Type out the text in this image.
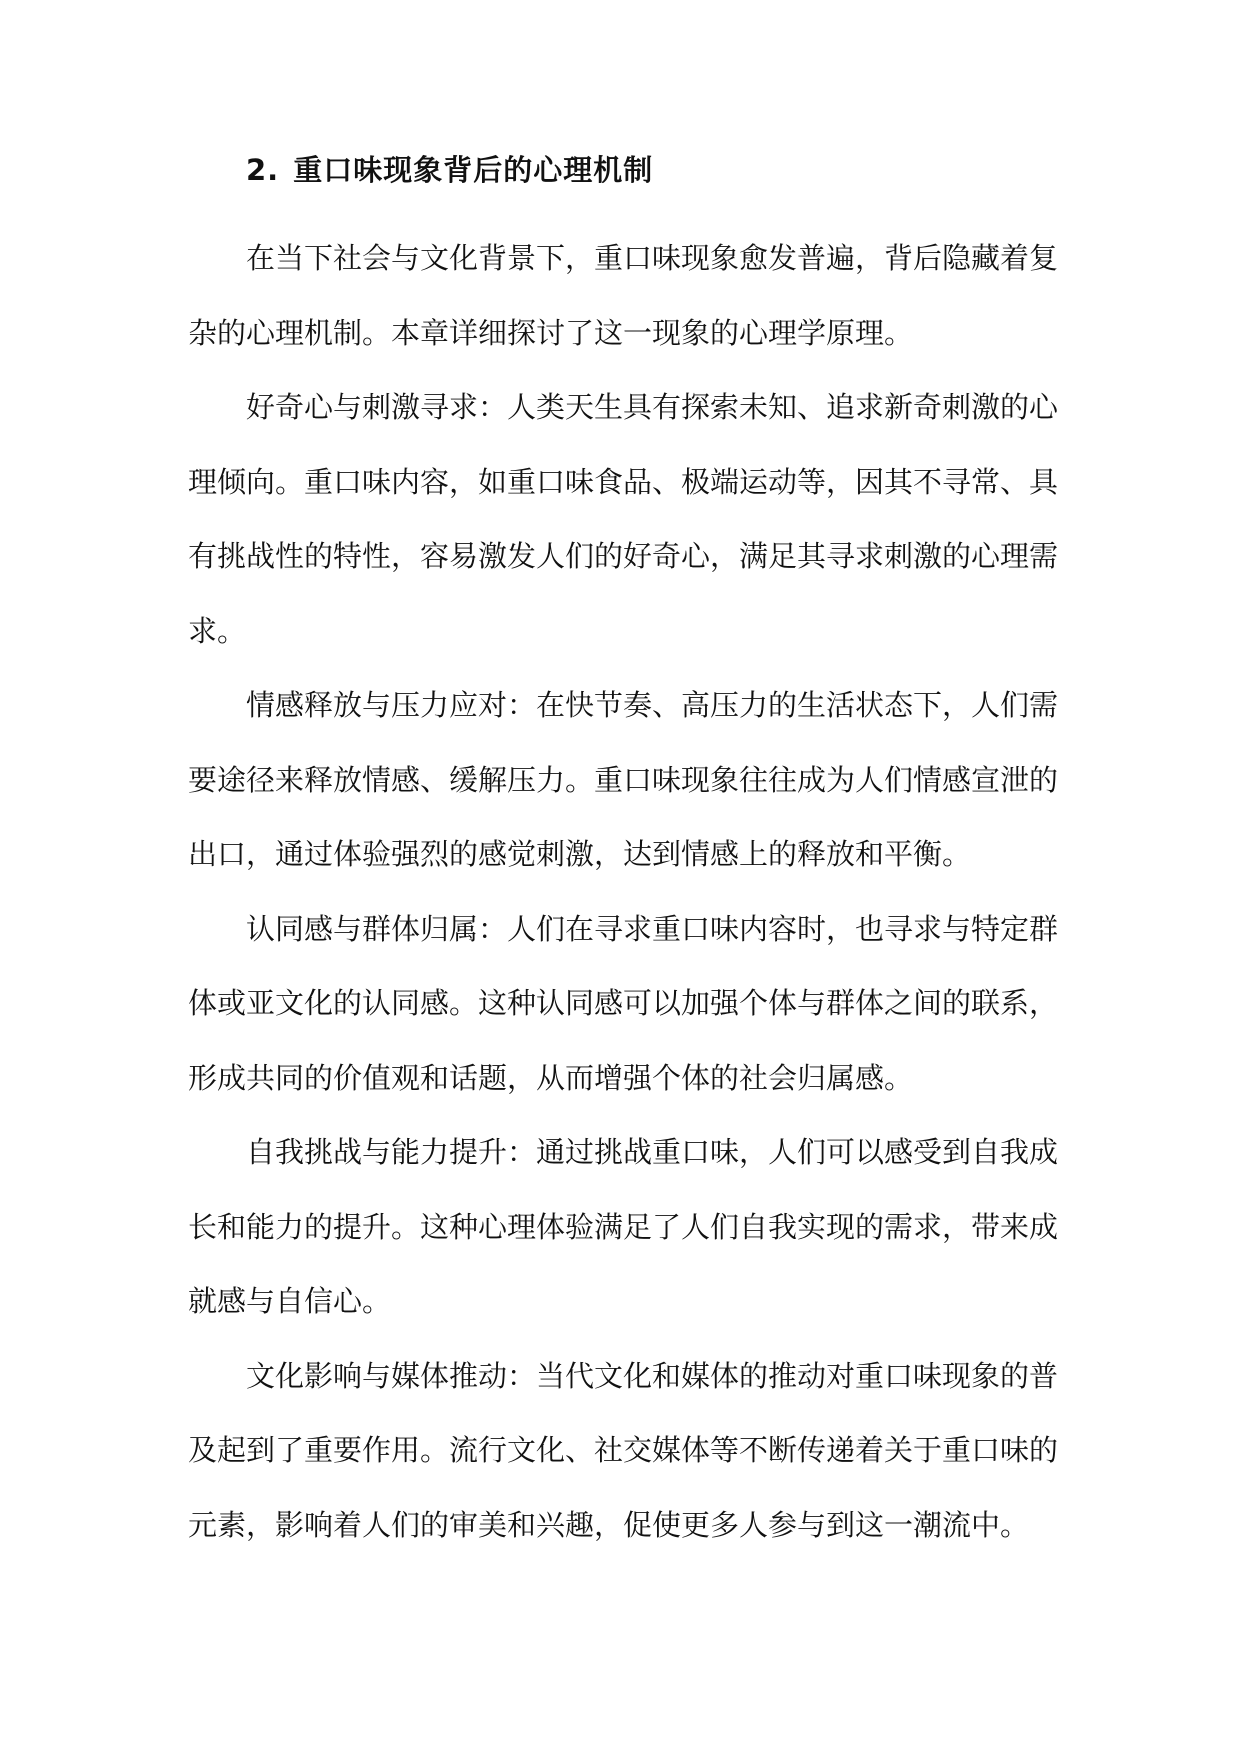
2. 重口味现象背后的心理机制

在当下社会与文化背景下，重口味现象愈发普遍，背后隐藏着复
杂的心理机制。本章详细探讨了这一现象的心理学原理。

好奇心与刺激寻求：人类天生具有探索未知、追求新奇刺激的心
理倾向。重口味内容，如重口味食品、极端运动等，因其不寻常、具
有挑战性的特性，容易激发人们的好奇心，满足其寻求刺激的心理需
求。

情感释放与压力应对：在快节奏、高压力的生活状态下，人们需
要途径来释放情感、缓解压力。重口味现象往往成为人们情感宣泄的
出口，通过体验强烈的感觉刺激，达到情感上的释放和平衡。

认同感与群体归属：人们在寻求重口味内容时，也寻求与特定群
体或亚文化的认同感。这种认同感可以加强个体与群体之间的联系，
形成共同的价值观和话题，从而增强个体的社会归属感。

自我挑战与能力提升：通过挑战重口味，人们可以感受到自我成
长和能力的提升。这种心理体验满足了人们自我实现的需求，带来成
就感与自信心。

文化影响与媒体推动：当代文化和媒体的推动对重口味现象的普
及起到了重要作用。流行文化、社交媒体等不断传递着关于重口味的
元素，影响着人们的审美和兴趣，促使更多人参与到这一潮流中。
